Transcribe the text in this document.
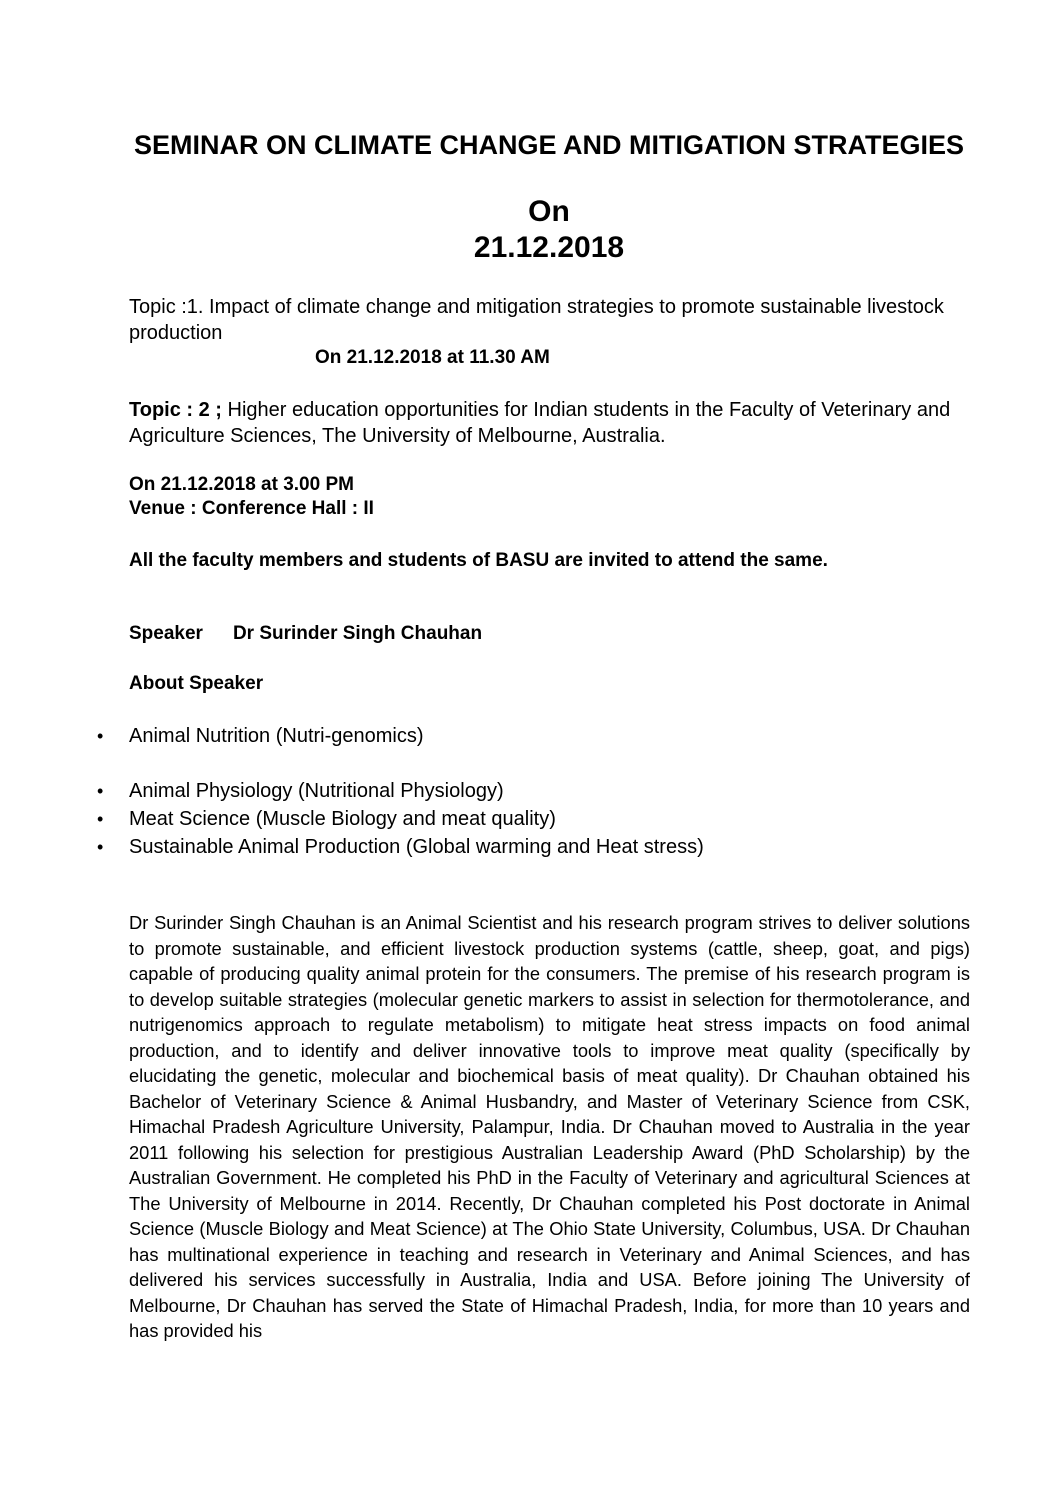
SEMINAR ON CLIMATE CHANGE AND MITIGATION STRATEGIES
On
21.12.2018

Topic :1. Impact of climate change and mitigation strategies to promote sustainable livestock production

On 21.12.2018 at 11.30 AM

Topic : 2 ; Higher education opportunities for Indian students in the Faculty of Veterinary and Agriculture Sciences, The University of Melbourne, Australia.

On 21.12.2018 at 3.00 PM

Venue : Conference Hall : II

All the faculty members and students of BASU are invited to attend the same.

Speaker Dr Surinder Singh Chauhan

About Speaker

• Animal Nutrition (Nutri-genomics)
• Animal Physiology (Nutritional Physiology)
• Meat Science (Muscle Biology and meat quality)
• Sustainable Animal Production (Global warming and Heat stress)

Dr Surinder Singh Chauhan is an Animal Scientist and his research program strives to deliver solutions to promote sustainable, and efficient livestock production systems (cattle, sheep, goat, and pigs) capable of producing quality animal protein for the consumers. The premise of his research program is to develop suitable strategies (molecular genetic markers to assist in selection for thermotolerance, and nutrigenomics approach to regulate metabolism) to mitigate heat stress impacts on food animal production, and to identify and deliver innovative tools to improve meat quality (specifically by elucidating the genetic, molecular and biochemical basis of meat quality). Dr Chauhan obtained his Bachelor of Veterinary Science & Animal Husbandry, and Master of Veterinary Science from CSK, Himachal Pradesh Agriculture University, Palampur, India. Dr Chauhan moved to Australia in the year 2011 following his selection for prestigious Australian Leadership Award (PhD Scholarship) by the Australian Government. He completed his PhD in the Faculty of Veterinary and agricultural Sciences at The University of Melbourne in 2014. Recently, Dr Chauhan completed his Post doctorate in Animal Science (Muscle Biology and Meat Science) at The Ohio State University, Columbus, USA. Dr Chauhan has multinational experience in teaching and research in Veterinary and Animal Sciences, and has delivered his services successfully in Australia, India and USA. Before joining The University of Melbourne, Dr Chauhan has served the State of Himachal Pradesh, India, for more than 10 years and has provided his
